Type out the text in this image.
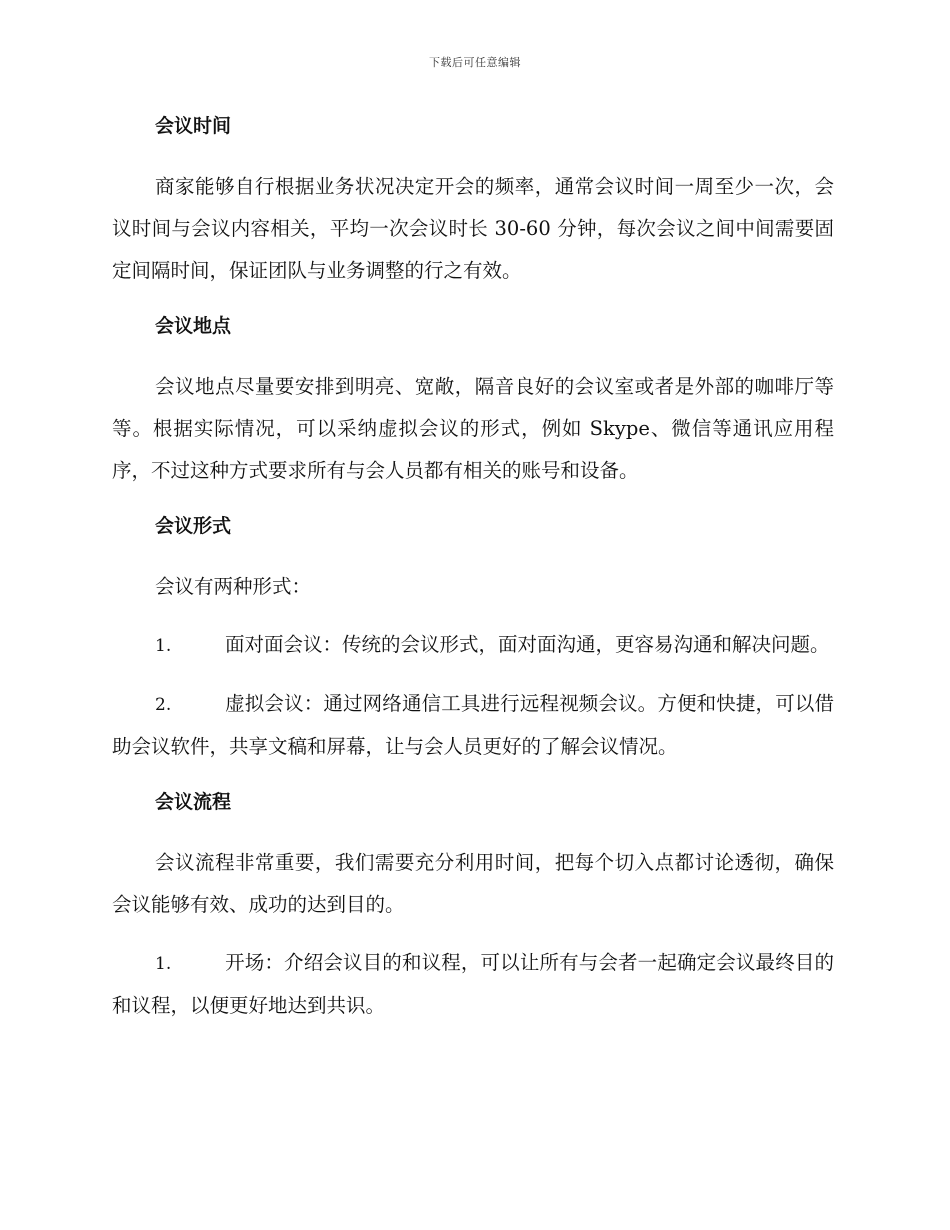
下载后可任意编辑
会议时间

商家能够自行根据业务状况决定开会的频率，通常会议时间一周至少一次，会议时间与会议内容相关，平均一次会议时长 30-60 分钟，每次会议之间中间需要固定间隔时间，保证团队与业务调整的行之有效。

会议地点

会议地点尽量要安排到明亮、宽敞，隔音良好的会议室或者是外部的咖啡厅等等。根据实际情况，可以采纳虚拟会议的形式，例如 Skype、微信等通讯应用程序，不过这种方式要求所有与会人员都有相关的账号和设备。

会议形式

会议有两种形式：

1.	面对面会议：传统的会议形式，面对面沟通，更容易沟通和解决问题。

2.	虚拟会议：通过网络通信工具进行远程视频会议。方便和快捷，可以借助会议软件，共享文稿和屏幕，让与会人员更好的了解会议情况。

会议流程

会议流程非常重要，我们需要充分利用时间，把每个切入点都讨论透彻，确保会议能够有效、成功的达到目的。

1.	开场：介绍会议目的和议程，可以让所有与会者一起确定会议最终目的和议程，以便更好地达到共识。
